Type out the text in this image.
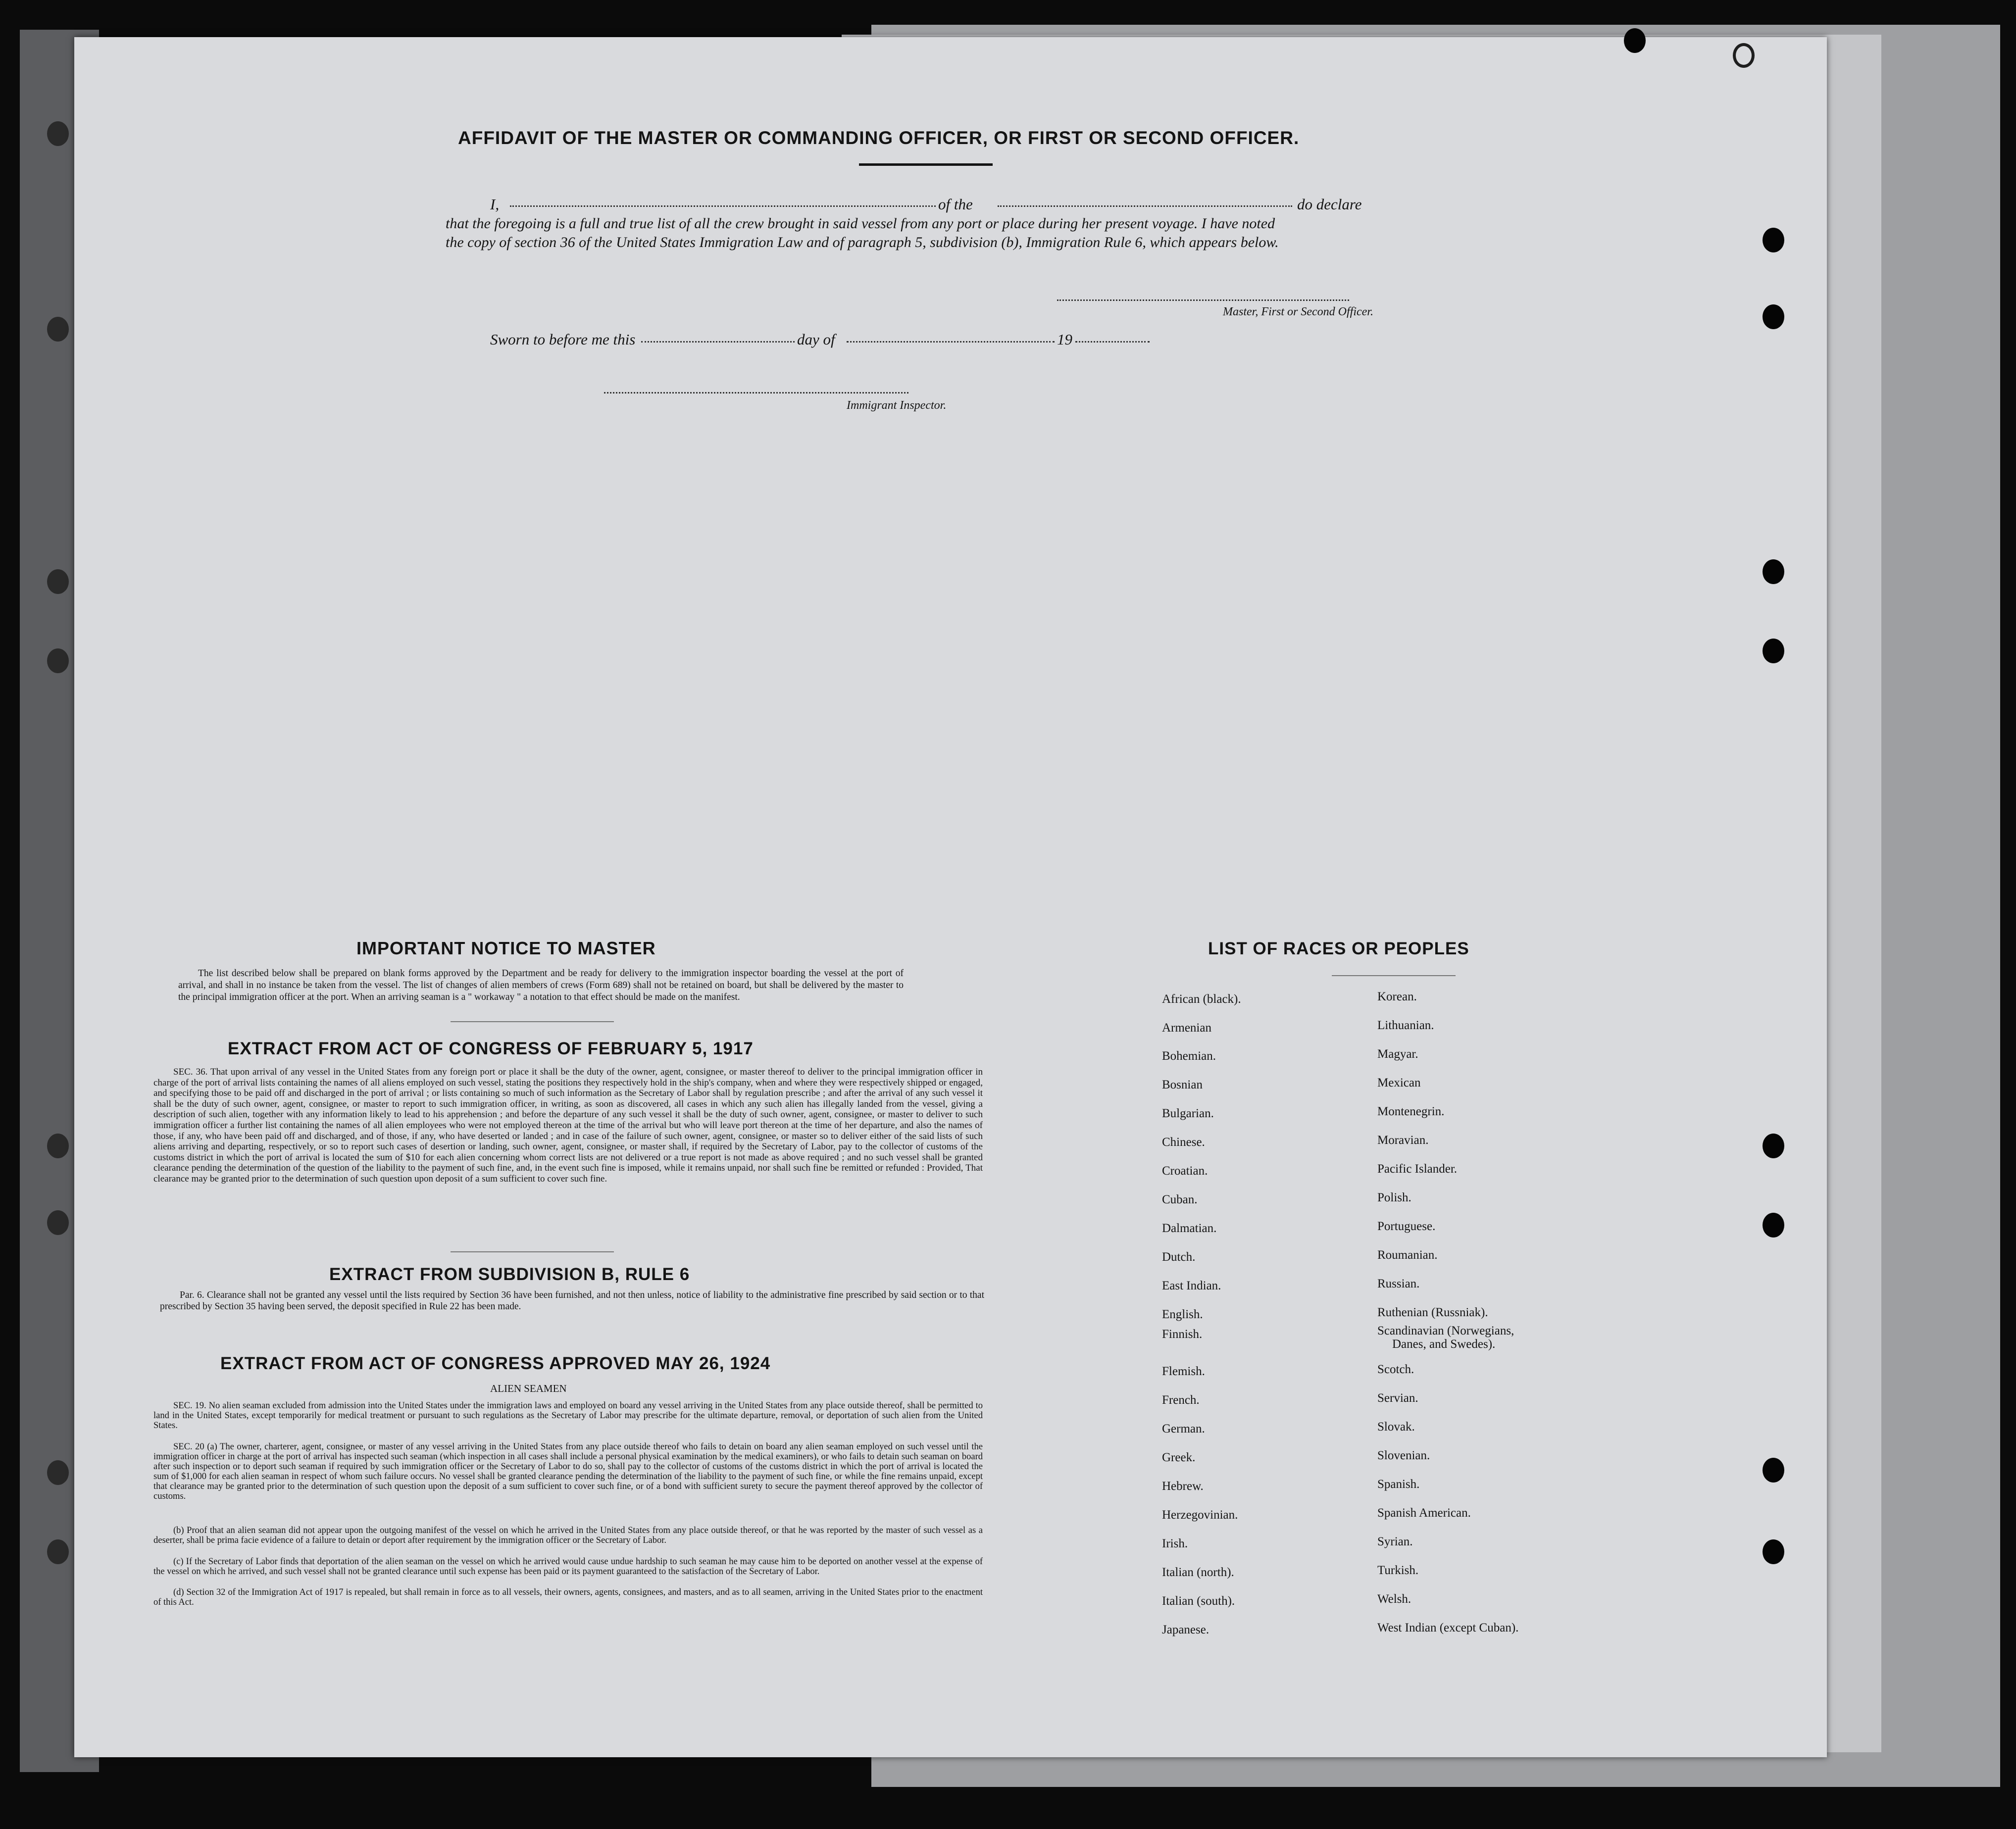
AFFIDAVIT OF THE MASTER OR COMMANDING OFFICER, OR FIRST OR SECOND OFFICER.
I,	of the	do declare
that the foregoing is a full and true list of all the crew brought in said vessel from any port or place during her present voyage. I have noted
the copy of section 36 of the United States Immigration Law and of paragraph 5, subdivision (b), Immigration Rule 6, which appears below.
Master, First or Second Officer.
Sworn to before me this	day of	19
Immigrant Inspector.
IMPORTANT NOTICE TO MASTER
The list described below shall be prepared on blank forms approved by the Department and be ready for delivery to the immigration inspector boarding the vessel at the port of arrival, and shall in no instance be taken from the vessel. The list of changes of alien members of crews (Form 689) shall not be retained on board, but shall be delivered by the master to the principal immigration officer at the port. When an arriving seaman is a " workaway " a notation to that effect should be made on the manifest.
EXTRACT FROM ACT OF CONGRESS OF FEBRUARY 5, 1917
SEC. 36. That upon arrival of any vessel in the United States from any foreign port or place it shall be the duty of the owner, agent, consignee, or master thereof to deliver to the principal immigration officer in charge of the port of arrival lists containing the names of all aliens employed on such vessel, stating the positions they respectively hold in the ship's company, when and where they were respectively shipped or engaged, and specifying those to be paid off and discharged in the port of arrival ; or lists containing so much of such information as the Secretary of Labor shall by regulation prescribe ; and after the arrival of any such vessel it shall be the duty of such owner, agent, consignee, or master to report to such immigration officer, in writing, as soon as discovered, all cases in which any such alien has illegally landed from the vessel, giving a description of such alien, together with any information likely to lead to his apprehension ; and before the departure of any such vessel it shall be the duty of such owner, agent, consignee, or master to deliver to such immigration officer a further list containing the names of all alien employees who were not employed thereon at the time of the arrival but who will leave port thereon at the time of her departure, and also the names of those, if any, who have been paid off and discharged, and of those, if any, who have deserted or landed ; and in case of the failure of such owner, agent, consignee, or master so to deliver either of the said lists of such aliens arriving and departing, respectively, or so to report such cases of desertion or landing, such owner, agent, consignee, or master shall, if required by the Secretary of Labor, pay to the collector of customs of the customs district in which the port of arrival is located the sum of $10 for each alien concerning whom correct lists are not delivered or a true report is not made as above required ; and no such vessel shall be granted clearance pending the determination of the question of the liability to the payment of such fine, and, in the event such fine is imposed, while it remains unpaid, nor shall such fine be remitted or refunded : Provided, That clearance may be granted prior to the determination of such question upon deposit of a sum sufficient to cover such fine.
EXTRACT FROM SUBDIVISION B, RULE 6
Par. 6. Clearance shall not be granted any vessel until the lists required by Section 36 have been furnished, and not then unless, notice of liability to the administrative fine prescribed by said section or to that prescribed by Section 35 having been served, the deposit specified in Rule 22 has been made.
EXTRACT FROM ACT OF CONGRESS APPROVED MAY 26, 1924
ALIEN SEAMEN
SEC. 19. No alien seaman excluded from admission into the United States under the immigration laws and employed on board any vessel arriving in the United States from any place outside thereof, shall be permitted to land in the United States, except temporarily for medical treatment or pursuant to such regulations as the Secretary of Labor may prescribe for the ultimate departure, removal, or deportation of such alien from the United States.
SEC. 20 (a) The owner, charterer, agent, consignee, or master of any vessel arriving in the United States from any place outside thereof who fails to detain on board any alien seaman employed on such vessel until the immigration officer in charge at the port of arrival has inspected such seaman (which inspection in all cases shall include a personal physical examination by the medical examiners), or who fails to detain such seaman on board after such inspection or to deport such seaman if required by such immigration officer or the Secretary of Labor to do so, shall pay to the collector of customs of the customs district in which the port of arrival is located the sum of $1,000 for each alien seaman in respect of whom such failure occurs. No vessel shall be granted clearance pending the determination of the liability to the payment of such fine, or while the fine remains unpaid, except that clearance may be granted prior to the determination of such question upon the deposit of a sum sufficient to cover such fine, or of a bond with sufficient surety to secure the payment thereof approved by the collector of customs.
(b) Proof that an alien seaman did not appear upon the outgoing manifest of the vessel on which he arrived in the United States from any place outside thereof, or that he was reported by the master of such vessel as a deserter, shall be prima facie evidence of a failure to detain or deport after requirement by the immigration officer or the Secretary of Labor.
(c) If the Secretary of Labor finds that deportation of the alien seaman on the vessel on which he arrived would cause undue hardship to such seaman he may cause him to be deported on another vessel at the expense of the vessel on which he arrived, and such vessel shall not be granted clearance until such expense has been paid or its payment guaranteed to the satisfaction of the Secretary of Labor.
(d) Section 32 of the Immigration Act of 1917 is repealed, but shall remain in force as to all vessels, their owners, agents, consignees, and masters, and as to all seamen, arriving in the United States prior to the enactment of this Act.
LIST OF RACES OR PEOPLES
African (black).
Armenian
Bohemian.
Bosnian
Bulgarian.
Chinese.
Croatian.
Cuban.
Dalmatian.
Dutch.
East Indian.
English.
Finnish.
Flemish.
French.
German.
Greek.
Hebrew.
Herzegovinian.
Irish.
Italian (north).
Italian (south).
Japanese.
Korean.
Lithuanian.
Magyar.
Mexican
Montenegrin.
Moravian.
Pacific Islander.
Polish.
Portuguese.
Roumanian.
Russian.
Ruthenian (Russniak).
Scandinavian (Norwegians,
Danes, and Swedes).
Scotch.
Servian.
Slovak.
Slovenian.
Spanish.
Spanish American.
Syrian.
Turkish.
Welsh.
West Indian (except Cuban).
